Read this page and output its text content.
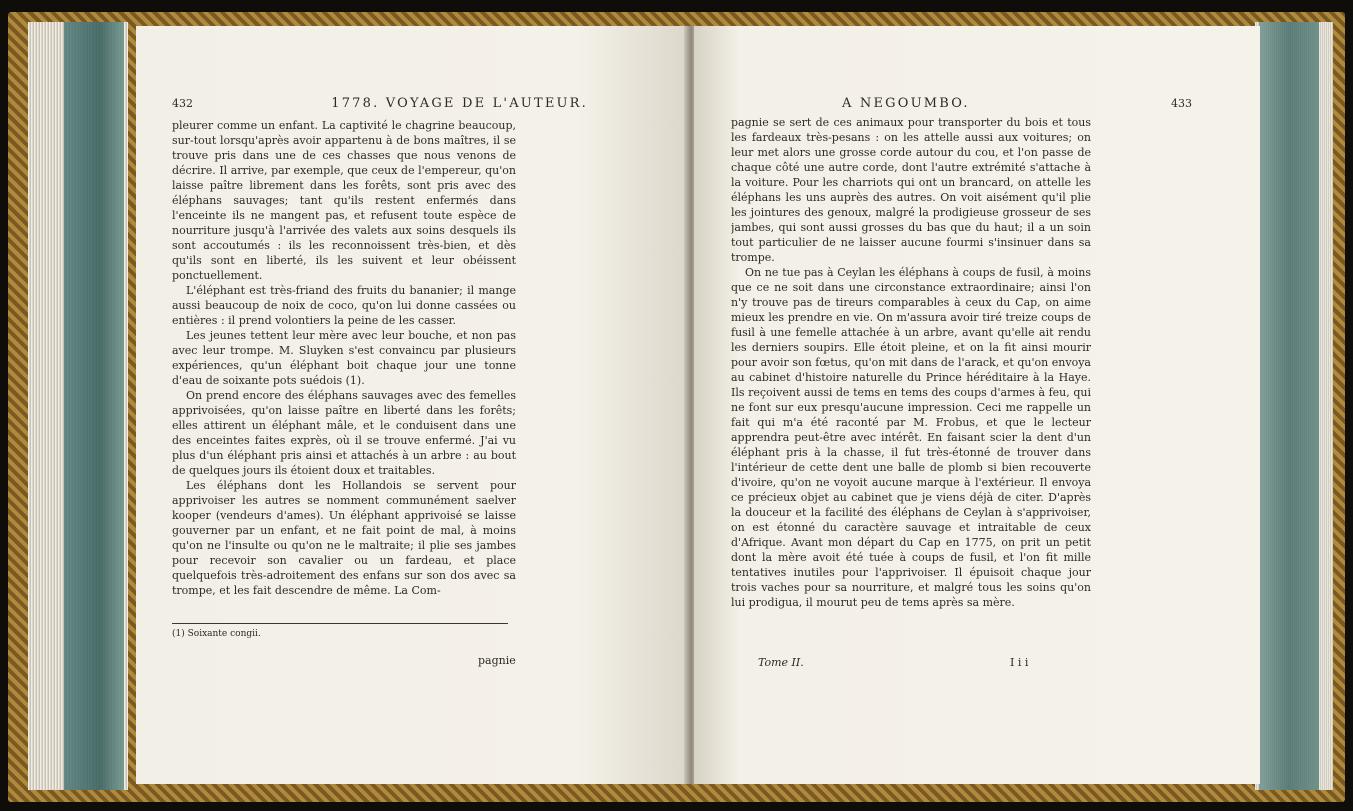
432	1778. VOYAGE DE L'AUTEUR.

pleurer comme un enfant. La captivité le chagrine beaucoup, sur-tout lorsqu'après avoir appartenu à de bons maîtres, il se trouve pris dans une de ces chasses que nous venons de décrire. Il arrive, par exemple, que ceux de l'empereur, qu'on laisse paître librement dans les forêts, sont pris avec des éléphans sauvages; tant qu'ils restent enfermés dans l'enceinte ils ne mangent pas, et refusent toute espèce de nourriture jusqu'à l'arrivée des valets aux soins desquels ils sont accoutumés : ils les reconnoissent très-bien, et dès qu'ils sont en liberté, ils les suivent et leur obéissent ponctuellement.

L'éléphant est très-friand des fruits du bananier; il mange aussi beaucoup de noix de coco, qu'on lui donne cassées ou entières : il prend volontiers la peine de les casser.

Les jeunes tettent leur mère avec leur bouche, et non pas avec leur trompe. M. Sluyken s'est convaincu par plusieurs expériences, qu'un éléphant boit chaque jour une tonne d'eau de soixante pots suédois (1).

On prend encore des éléphans sauvages avec des femelles apprivoisées, qu'on laisse paître en liberté dans les forêts; elles attirent un éléphant mâle, et le conduisent dans une des enceintes faites exprès, où il se trouve enfermé. J'ai vu plus d'un éléphant pris ainsi et attachés à un arbre : au bout de quelques jours ils étoient doux et traitables.

Les éléphans dont les Hollandois se servent pour apprivoiser les autres se nomment communément saelver kooper (vendeurs d'ames). Un éléphant apprivoisé se laisse gouverner par un enfant, et ne fait point de mal, à moins qu'on ne l'insulte ou qu'on ne le maltraite; il plie ses jambes pour recevoir son cavalier ou un fardeau, et place quelquefois très-adroitement des enfans sur son dos avec sa trompe, et les fait descendre de même. La Com-

(1) Soixante congii.
pagnie
A NEGOUMBO.	433

pagnie se sert de ces animaux pour transporter du bois et tous les fardeaux très-pesans : on les attelle aussi aux voitures; on leur met alors une grosse corde autour du cou, et l'on passe de chaque côté une autre corde, dont l'autre extrémité s'attache à la voiture. Pour les charriots qui ont un brancard, on attelle les éléphans les uns auprès des autres. On voit aisément qu'il plie les jointures des genoux, malgré la prodigieuse grosseur de ses jambes, qui sont aussi grosses du bas que du haut; il a un soin tout particulier de ne laisser aucune fourmi s'insinuer dans sa trompe.

On ne tue pas à Ceylan les éléphans à coups de fusil, à moins que ce ne soit dans une circonstance extraordinaire; ainsi l'on n'y trouve pas de tireurs comparables à ceux du Cap, on aime mieux les prendre en vie. On m'assura avoir tiré treize coups de fusil à une femelle attachée à un arbre, avant qu'elle ait rendu les derniers soupirs. Elle étoit pleine, et on la fit ainsi mourir pour avoir son fœtus, qu'on mit dans de l'arack, et qu'on envoya au cabinet d'histoire naturelle du Prince héréditaire à la Haye. Ils reçoivent aussi de tems en tems des coups d'armes à feu, qui ne font sur eux presqu'aucune impression. Ceci me rappelle un fait qui m'a été raconté par M. Frobus, et que le lecteur apprendra peut-être avec intérêt. En faisant scier la dent d'un éléphant pris à la chasse, il fut très-étonné de trouver dans l'intérieur de cette dent une balle de plomb si bien recouverte d'ivoire, qu'on ne voyoit aucune marque à l'extérieur. Il envoya ce précieux objet au cabinet que je viens déjà de citer. D'après la douceur et la facilité des éléphans de Ceylan à s'apprivoiser, on est étonné du caractère sauvage et intraitable de ceux d'Afrique. Avant mon départ du Cap en 1775, on prit un petit dont la mère avoit été tuée à coups de fusil, et l'on fit mille tentatives inutiles pour l'apprivoiser. Il épuisoit chaque jour trois vaches pour sa nourriture, et malgré tous les soins qu'on lui prodigua, il mourut peu de tems après sa mère.

Tome II.	I i i
